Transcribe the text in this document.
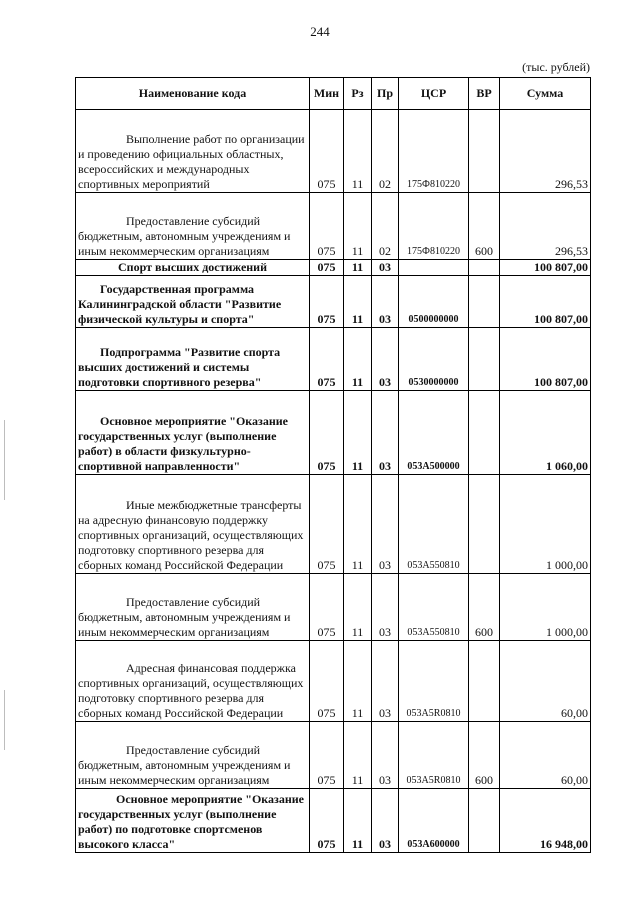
244
(тыс. рублей)
Наименование кода	Мин	Рз	Пр	ЦСР	ВР	Сумма

Выполнение работ по организации и проведению официальных областных, всероссийских и международных спортивных мероприятий	075	11	02	175Ф810220		296,53

Предоставление субсидий бюджетным, автономным учреждениям и иным некоммерческим организациям	075	11	02	175Ф810220	600	296,53
Спорт высших достижений	075	11	03			100 807,00

Государственная программа Калининградской области "Развитие физической культуры и спорта"	075	11	03	0500000000		100 807,00

Подпрограмма "Развитие спорта высших достижений и системы подготовки спортивного резерва"	075	11	03	0530000000		100 807,00

Основное мероприятие "Оказание государственных услуг (выполнение работ) в области физкультурно-спортивной направленности"	075	11	03	053А500000		1 060,00

Иные межбюджетные трансферты на адресную финансовую поддержку спортивных организаций, осуществляющих подготовку спортивного резерва для сборных команд Российской Федерации	075	11	03	053А550810		1 000,00

Предоставление субсидий бюджетным, автономным учреждениям и иным некоммерческим организациям	075	11	03	053А550810	600	1 000,00

Адресная финансовая поддержка спортивных организаций, осуществляющих подготовку спортивного резерва для сборных команд Российской Федерации	075	11	03	053А5R0810		60,00

Предоставление субсидий бюджетным, автономным учреждениям и иным некоммерческим организациям	075	11	03	053А5R0810	600	60,00

Основное мероприятие "Оказание государственных услуг (выполнение работ) по подготовке спортсменов высокого класса"	075	11	03	053А600000		16 948,00
